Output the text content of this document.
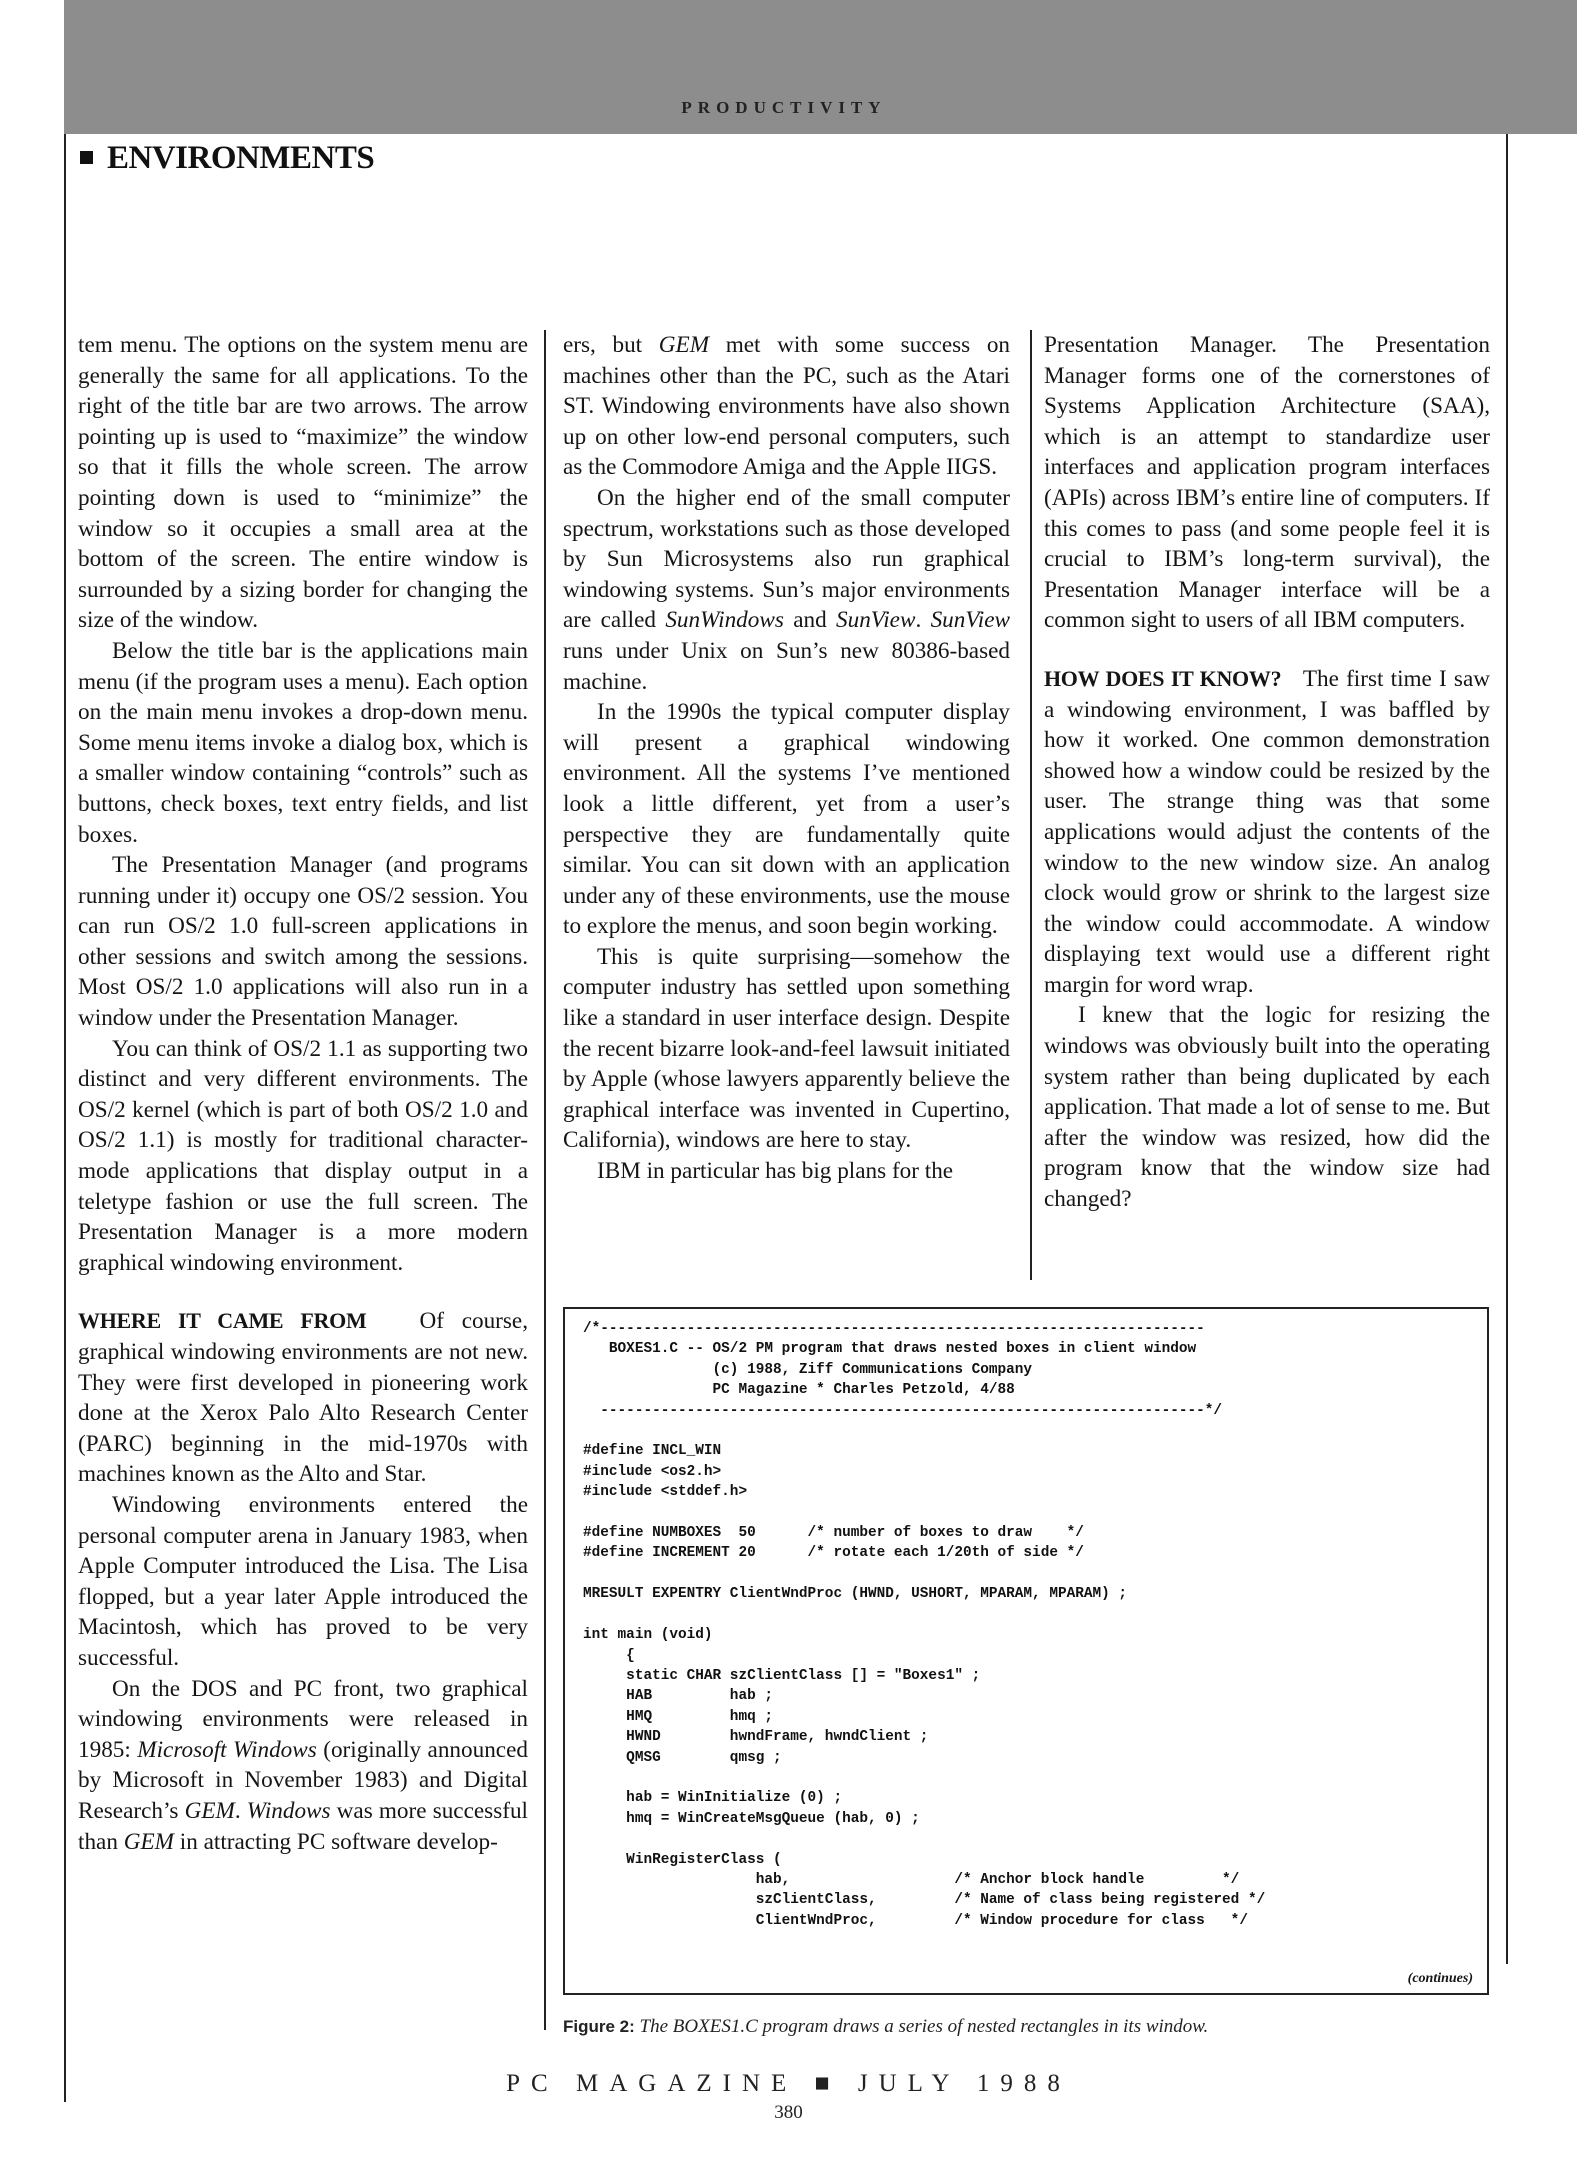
PRODUCTIVITY
ENVIRONMENTS

tem menu. The options on the system menu are generally the same for all applications. To the right of the title bar are two arrows. The arrow pointing up is used to “maximize” the window so that it fills the whole screen. The arrow pointing down is used to “minimize” the window so it occupies a small area at the bottom of the screen. The entire window is surrounded by a sizing border for changing the size of the window.

Below the title bar is the applications main menu (if the program uses a menu). Each option on the main menu invokes a drop-down menu. Some menu items invoke a dialog box, which is a smaller window containing “controls” such as buttons, check boxes, text entry fields, and list boxes.

The Presentation Manager (and programs running under it) occupy one OS/2 session. You can run OS/2 1.0 full-screen applications in other sessions and switch among the sessions. Most OS/2 1.0 applications will also run in a window under the Presentation Manager.

You can think of OS/2 1.1 as supporting two distinct and very different environments. The OS/2 kernel (which is part of both OS/2 1.0 and OS/2 1.1) is mostly for traditional character-mode applications that display output in a teletype fashion or use the full screen. The Presentation Manager is a more modern graphical windowing environment.

WHERE IT CAME FROM Of course, graphical windowing environments are not new. They were first developed in pioneering work done at the Xerox Palo Alto Research Center (PARC) beginning in the mid-1970s with machines known as the Alto and Star.

Windowing environments entered the personal computer arena in January 1983, when Apple Computer introduced the Lisa. The Lisa flopped, but a year later Apple introduced the Macintosh, which has proved to be very successful.

On the DOS and PC front, two graphical windowing environments were released in 1985: Microsoft Windows (originally announced by Microsoft in November 1983) and Digital Research’s GEM. Windows was more successful than GEM in attracting PC software develop-

ers, but GEM met with some success on machines other than the PC, such as the Atari ST. Windowing environments have also shown up on other low-end personal computers, such as the Commodore Amiga and the Apple IIGS.

On the higher end of the small computer spectrum, workstations such as those developed by Sun Microsystems also run graphical windowing systems. Sun’s major environments are called SunWindows and SunView. SunView runs under Unix on Sun’s new 80386-based machine.

In the 1990s the typical computer display will present a graphical windowing environment. All the systems I’ve mentioned look a little different, yet from a user’s perspective they are fundamentally quite similar. You can sit down with an application under any of these environments, use the mouse to explore the menus, and soon begin working.

This is quite surprising—somehow the computer industry has settled upon something like a standard in user interface design. Despite the recent bizarre look-and-feel lawsuit initiated by Apple (whose lawyers apparently believe the graphical interface was invented in Cupertino, California), windows are here to stay.

IBM in particular has big plans for the

Presentation Manager. The Presentation Manager forms one of the cornerstones of Systems Application Architecture (SAA), which is an attempt to standardize user interfaces and application program interfaces (APIs) across IBM’s entire line of computers. If this comes to pass (and some people feel it is crucial to IBM’s long-term survival), the Presentation Manager interface will be a common sight to users of all IBM computers.

HOW DOES IT KNOW? The first time I saw a windowing environment, I was baffled by how it worked. One common demonstration showed how a window could be resized by the user. The strange thing was that some applications would adjust the contents of the window to the new window size. An analog clock would grow or shrink to the largest size the window could accommodate. A window displaying text would use a different right margin for word wrap.

I knew that the logic for resizing the windows was obviously built into the operating system rather than being duplicated by each application. That made a lot of sense to me. But after the window was resized, how did the program know that the window size had changed?

/*----------------------------------------------------------------------
BOXES1.C -- OS/2 PM program that draws nested boxes in client window
(c) 1988, Ziff Communications Company
PC Magazine * Charles Petzold, 4/88
----------------------------------------------------------------------*/

#define INCL_WIN
#include <os2.h>
#include <stddef.h>

#define NUMBOXES  50      /* number of boxes to draw    */
#define INCREMENT 20      /* rotate each 1/20th of side */

MRESULT EXPENTRY ClientWndProc (HWND, USHORT, MPARAM, MPARAM) ;

int main (void)
{
static CHAR szClientClass [] = "Boxes1" ;
HAB         hab ;
HMQ         hmq ;
HWND        hwndFrame, hwndClient ;
QMSG        qmsg ;

hab = WinInitialize (0) ;
hmq = WinCreateMsgQueue (hab, 0) ;

WinRegisterClass (
hab,                   /* Anchor block handle         */
szClientClass,         /* Name of class being registered */
ClientWndProc,         /* Window procedure for class   */
(continues)
Figure 2: The BOXES1.C program draws a series of nested rectangles in its window.
PC MAGAZINE ■ JULY 1988
380
